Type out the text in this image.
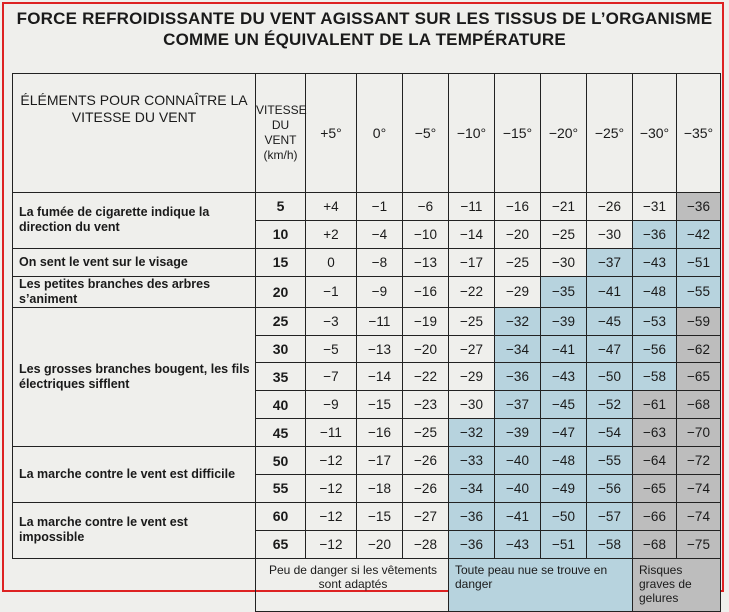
FORCE REFROIDISSANTE DU VENT AGISSANT SUR LES TISSUS DE L’ORGANISME
COMME UN ÉQUIVALENT DE LA TEMPÉRATURE
ÉLÉMENTS POUR CONNAÎTRE LA VITESSE DU VENT	VITESSE DU VENT (km/h)	+5°	0°	−5°	−10°	−15°	−20°	−25°	−30°	−35°
La fumée de cigarette indique la direction du vent	5	+4	−1	−6	−11	−16	−21	−26	−31	−36
	10	+2	−4	−10	−14	−20	−25	−30	−36	−42
On sent le vent sur le visage	15	0	−8	−13	−17	−25	−30	−37	−43	−51
Les petites branches des arbres s’animent	20	−1	−9	−16	−22	−29	−35	−41	−48	−55
Les grosses branches bougent, les fils électriques sifflent	25	−3	−11	−19	−25	−32	−39	−45	−53	−59
	30	−5	−13	−20	−27	−34	−41	−47	−56	−62
	35	−7	−14	−22	−29	−36	−43	−50	−58	−65
	40	−9	−15	−23	−30	−37	−45	−52	−61	−68
	45	−11	−16	−25	−32	−39	−47	−54	−63	−70
La marche contre le vent est difficile	50	−12	−17	−26	−33	−40	−48	−55	−64	−72
	55	−12	−18	−26	−34	−40	−49	−56	−65	−74
La marche contre le vent est impossible	60	−12	−15	−27	−36	−41	−50	−57	−66	−74
	65	−12	−20	−28	−36	−43	−51	−58	−68	−75
	Peu de danger si les vêtements sont adaptés				Toute peau nue se trouve en danger				Risques graves de gelures	
